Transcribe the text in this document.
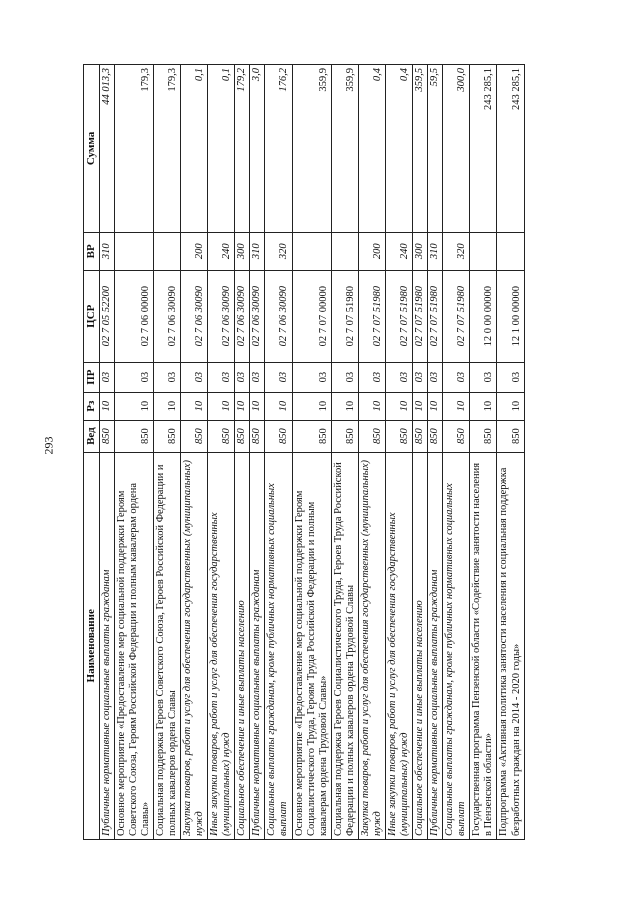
293
Наименование	Вед	Рз	ПР	ЦСР	ВР	Сумма
Публичные нормативные социальные выплаты гражданам	850	10	03	02 7 05 52200	310	44 013,3
Основное мероприятие «Предоставление мер социальной поддержки Героям Советского Союза, Героям Российской Федерации и полным кавалерам ордена Славы»	850	10	03	02 7 06 00000		179,3
Социальная поддержка Героев Советского Союза, Героев Российской Федерации и полных кавалеров ордена Славы	850	10	03	02 7 06 30090		179,3
Закупка товаров, работ и услуг для обеспечения государственных (муниципальных) нужд	850	10	03	02 7 06 30090	200	0,1
Иные закупки товаров, работ и услуг для обеспечения государственных (муниципальных) нужд	850	10	03	02 7 06 30090	240	0,1
Социальное обеспечение и иные выплаты населению	850	10	03	02 7 06 30090	300	179,2
Публичные нормативные социальные выплаты гражданам	850	10	03	02 7 06 30090	310	3,0
Социальные выплаты гражданам, кроме публичных нормативных социальных выплат	850	10	03	02 7 06 30090	320	176,2
Основное мероприятие «Предоставление мер социальной поддержки Героям Социалистического Труда, Героям Труда Российской Федерации и полным кавалерам ордена Трудовой Славы»	850	10	03	02 7 07 00000		359,9
Социальная поддержка Героев Социалистического Труда, Героев Труда Российской Федерации и полных кавалеров ордена Трудовой Славы	850	10	03	02 7 07 51980		359,9
Закупка товаров, работ и услуг для обеспечения государственных (муниципальных) нужд	850	10	03	02 7 07 51980	200	0,4
Иные закупки товаров, работ и услуг для обеспечения государственных (муниципальных) нужд	850	10	03	02 7 07 51980	240	0,4
Социальное обеспечение и иные выплаты населению	850	10	03	02 7 07 51980	300	359,5
Публичные нормативные социальные выплаты гражданам	850	10	03	02 7 07 51980	310	59,5
Социальные выплаты гражданам, кроме публичных нормативных социальных выплат	850	10	03	02 7 07 51980	320	300,0
Государственная программа Пензенской области «Содействие занятости населения в Пензенской области»	850	10	03	12 0 00 00000		243 285,1
Подпрограмма «Активная политика занятости населения и социальная поддержка безработных граждан на 2014 - 2020 годы»	850	10	03	12 1 00 00000		243 285,1
